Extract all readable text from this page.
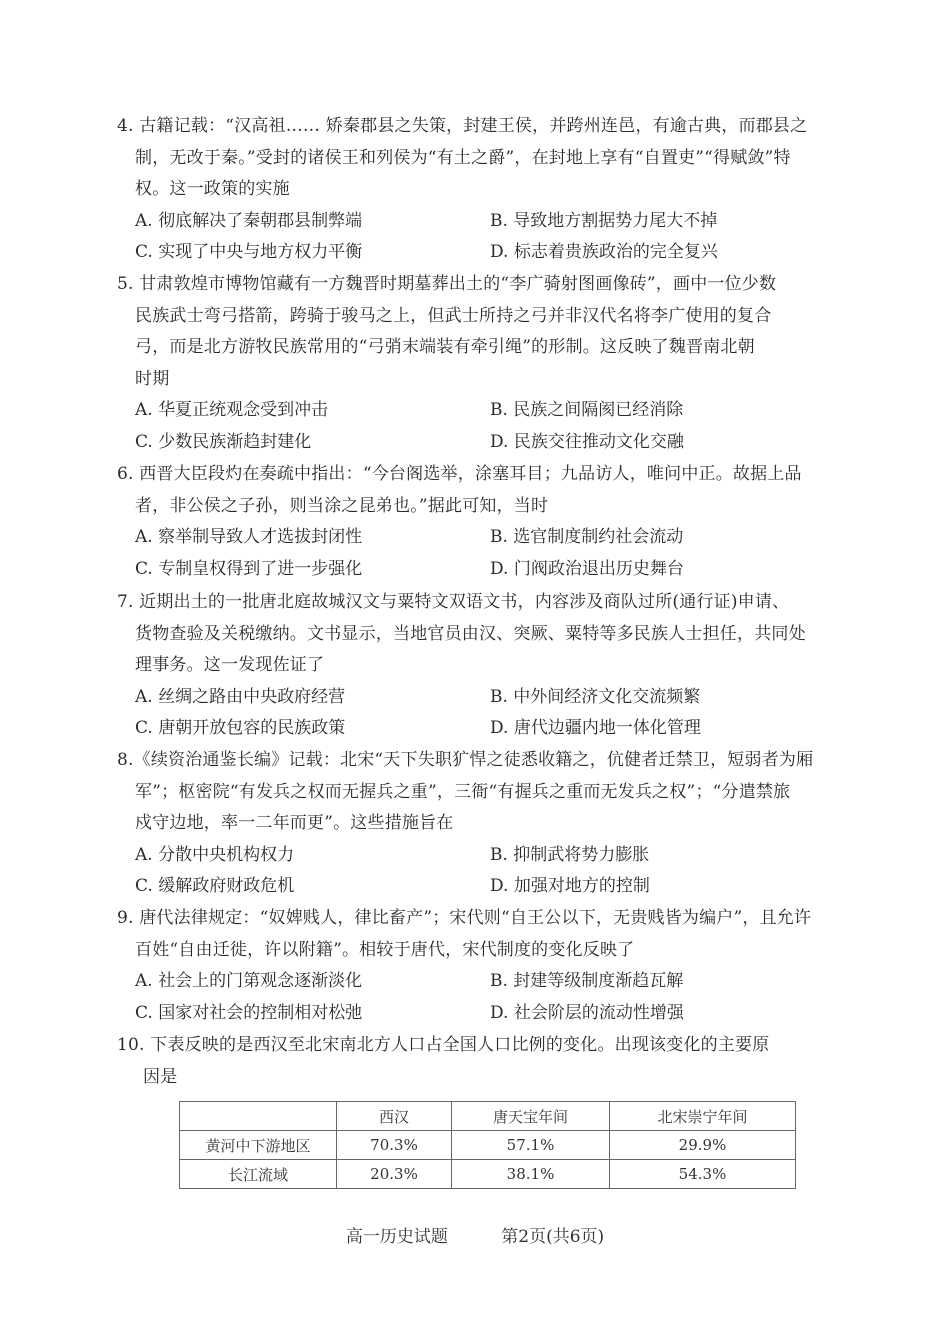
4. 古籍记载：“汉高祖…… 矫秦郡县之失策，封建王侯，并跨州连邑，有逾古典，而郡县之
制，无改于秦。”受封的诸侯王和列侯为“有土之爵”，在封地上享有“自置吏”“得赋敛”特
权。这一政策的实施
A. 彻底解决了秦朝郡县制弊端	B. 导致地方割据势力尾大不掉
C. 实现了中央与地方权力平衡	D. 标志着贵族政治的完全复兴
5. 甘肃敦煌市博物馆藏有一方魏晋时期墓葬出土的“李广骑射图画像砖”，画中一位少数
民族武士弯弓搭箭，跨骑于骏马之上，但武士所持之弓并非汉代名将李广使用的复合
弓，而是北方游牧民族常用的“弓弰末端装有牵引绳”的形制。这反映了魏晋南北朝
时期
A. 华夏正统观念受到冲击	B. 民族之间隔阂已经消除
C. 少数民族渐趋封建化	D. 民族交往推动文化交融
6. 西晋大臣段灼在奏疏中指出：“今台阁选举，涂塞耳目；九品访人，唯问中正。故据上品
者，非公侯之子孙，则当涂之昆弟也。”据此可知，当时
A. 察举制导致人才选拔封闭性	B. 选官制度制约社会流动
C. 专制皇权得到了进一步强化	D. 门阀政治退出历史舞台
7. 近期出土的一批唐北庭故城汉文与粟特文双语文书，内容涉及商队过所(通行证)申请、
货物查验及关税缴纳。文书显示，当地官员由汉、突厥、粟特等多民族人士担任，共同处
理事务。这一发现佐证了
A. 丝绸之路由中央政府经营	B. 中外间经济文化交流频繁
C. 唐朝开放包容的民族政策	D. 唐代边疆内地一体化管理
8.《续资治通鉴长编》记载：北宋“天下失职犷悍之徒悉收籍之，伉健者迁禁卫，短弱者为厢
军”；枢密院“有发兵之权而无握兵之重”，三衙“有握兵之重而无发兵之权”；“分遣禁旅
戍守边地，率一二年而更”。这些措施旨在
A. 分散中央机构权力	B. 抑制武将势力膨胀
C. 缓解政府财政危机	D. 加强对地方的控制
9. 唐代法律规定：“奴婢贱人，律比畜产”；宋代则“自王公以下，无贵贱皆为编户”，且允许
百姓“自由迁徙，许以附籍”。相较于唐代，宋代制度的变化反映了
A. 社会上的门第观念逐渐淡化	B. 封建等级制度渐趋瓦解
C. 国家对社会的控制相对松弛	D. 社会阶层的流动性增强
10. 下表反映的是西汉至北宋南北方人口占全国人口比例的变化。出现该变化的主要原
因是
	西汉	唐天宝年间	北宋崇宁年间
黄河中下游地区	70.3%	57.1%	29.9%
长江流域	20.3%	38.1%	54.3%
高一历史试题	第2页(共6页)
